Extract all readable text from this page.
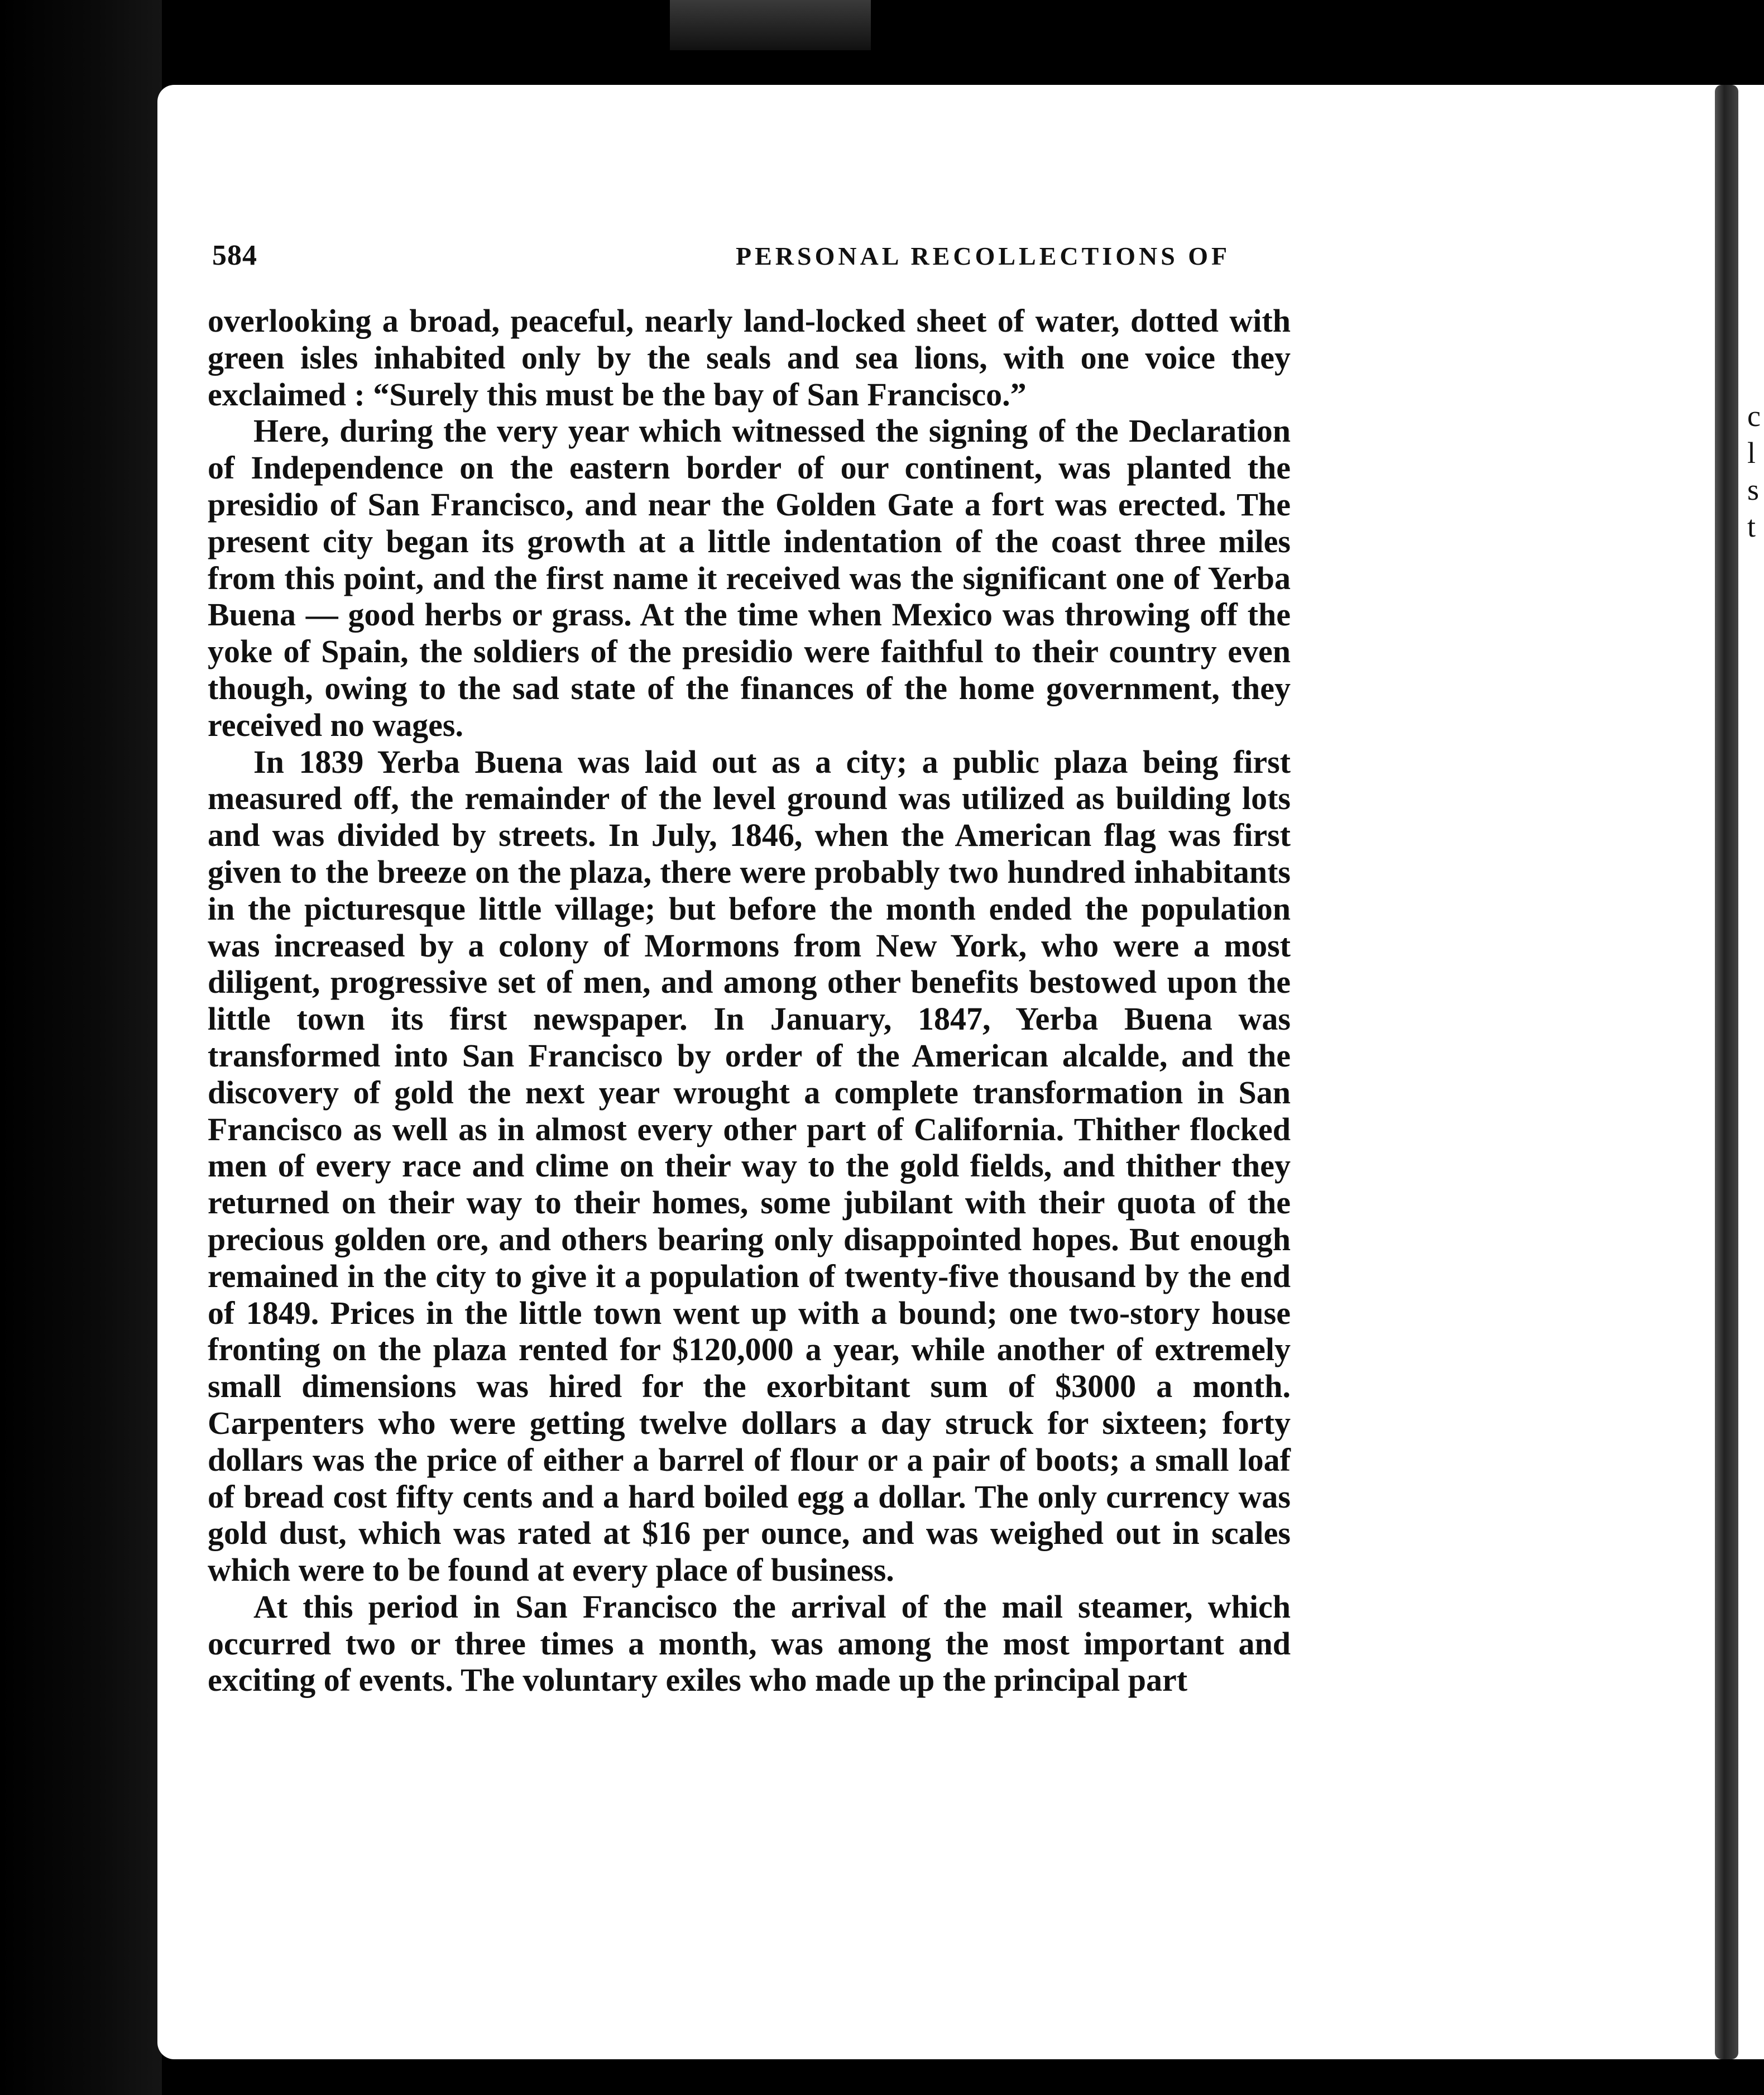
c
l
s
t
584	PERSONAL RECOLLECTIONS OF

overlooking a broad, peaceful, nearly land-locked sheet of water, dotted with green isles inhabited only by the seals and sea lions, with one voice they exclaimed : “Surely this must be the bay of San Francisco.”

Here, during the very year which witnessed the signing of the Declaration of Independence on the eastern border of our continent, was planted the presidio of San Francisco, and near the Golden Gate a fort was erected. The present city began its growth at a little indentation of the coast three miles from this point, and the first name it received was the significant one of Yerba Buena — good herbs or grass. At the time when Mexico was throwing off the yoke of Spain, the soldiers of the presidio were faithful to their country even though, owing to the sad state of the finances of the home government, they received no wages.

In 1839 Yerba Buena was laid out as a city; a public plaza being first measured off, the remainder of the level ground was utilized as building lots and was divided by streets. In July, 1846, when the American flag was first given to the breeze on the plaza, there were probably two hundred inhabitants in the picturesque little village; but before the month ended the population was increased by a colony of Mormons from New York, who were a most diligent, progressive set of men, and among other benefits bestowed upon the little town its first newspaper. In January, 1847, Yerba Buena was transformed into San Francisco by order of the American alcalde, and the discovery of gold the next year wrought a complete transformation in San Francisco as well as in almost every other part of California. Thither flocked men of every race and clime on their way to the gold fields, and thither they returned on their way to their homes, some jubilant with their quota of the precious golden ore, and others bearing only disappointed hopes. But enough remained in the city to give it a population of twenty-five thousand by the end of 1849. Prices in the little town went up with a bound; one two-story house fronting on the plaza rented for $120,000 a year, while another of extremely small dimensions was hired for the exorbitant sum of $3000 a month. Carpenters who were getting twelve dollars a day struck for sixteen; forty dollars was the price of either a barrel of flour or a pair of boots; a small loaf of bread cost fifty cents and a hard boiled egg a dollar. The only currency was gold dust, which was rated at $16 per ounce, and was weighed out in scales which were to be found at every place of business.

At this period in San Francisco the arrival of the mail steamer, which occurred two or three times a month, was among the most important and exciting of events. The voluntary exiles who made up the principal part
